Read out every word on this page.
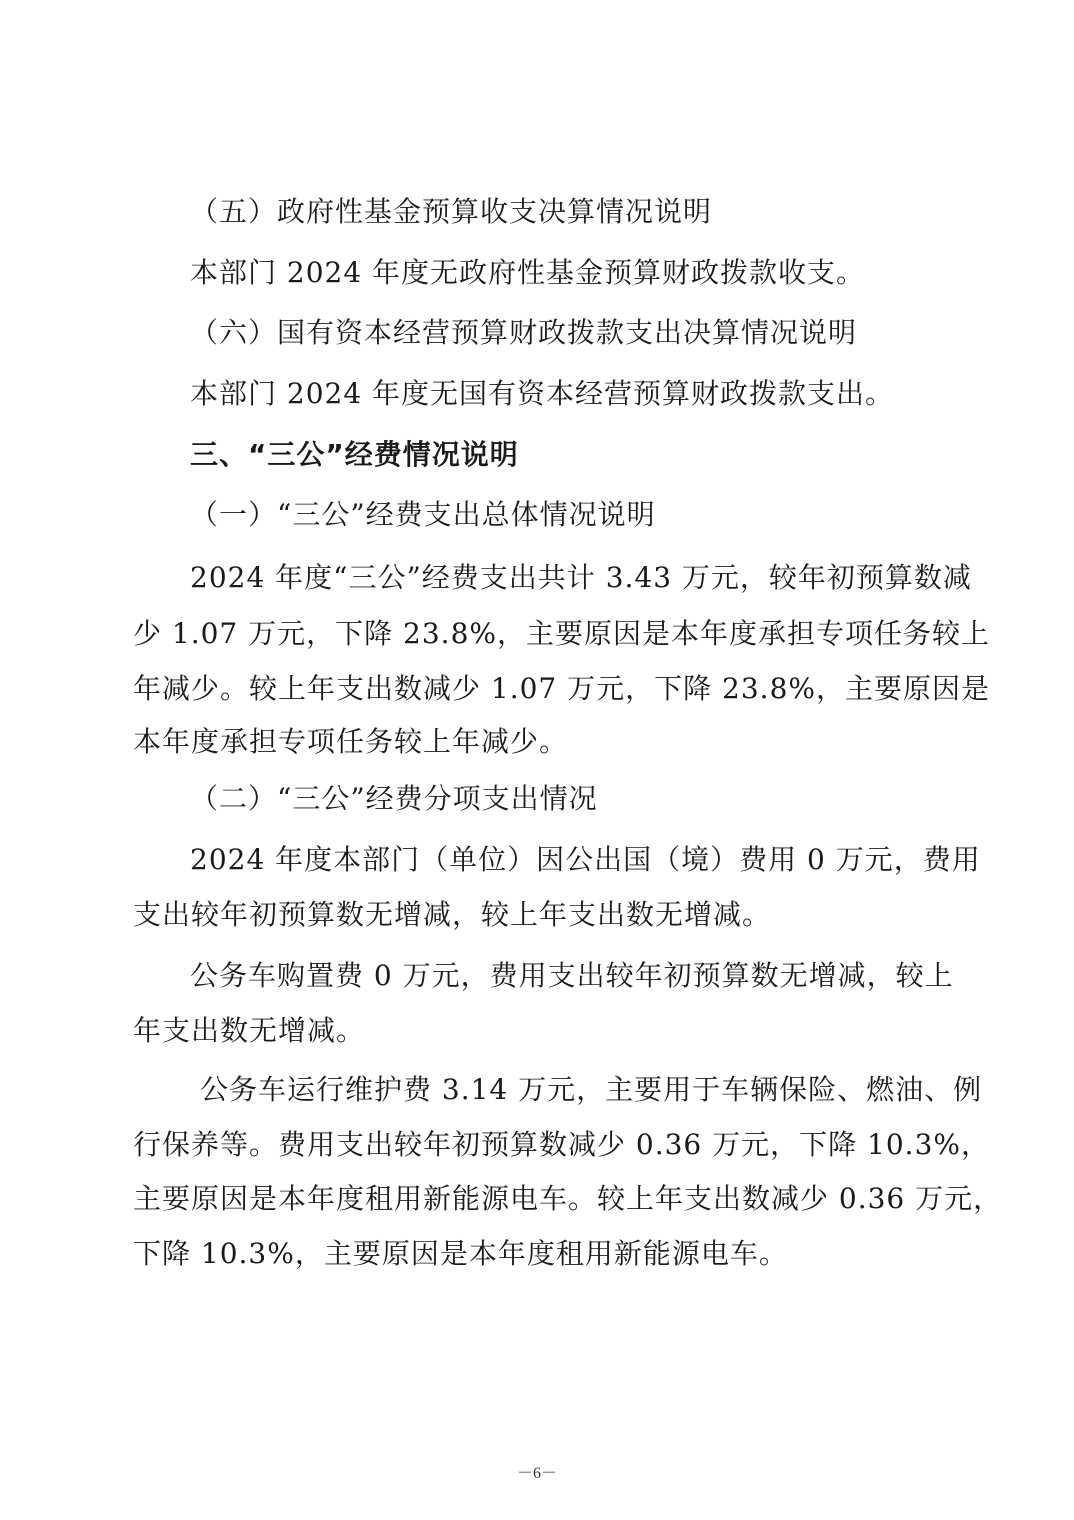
（五）政府性基金预算收支决算情况说明
本部门 2024 年度无政府性基金预算财政拨款收支。
（六）国有资本经营预算财政拨款支出决算情况说明
本部门 2024 年度无国有资本经营预算财政拨款支出。
三、“三公”经费情况说明
（一）“三公”经费支出总体情况说明
2024 年度“三公”经费支出共计 3.43 万元，较年初预算数减
少 1.07 万元，下降 23.8%，主要原因是本年度承担专项任务较上
年减少。较上年支出数减少 1.07 万元，下降 23.8%，主要原因是
本年度承担专项任务较上年减少。
（二）“三公”经费分项支出情况
2024 年度本部门（单位）因公出国（境）费用 0 万元，费用
支出较年初预算数无增减，较上年支出数无增减。
公务车购置费 0 万元，费用支出较年初预算数无增减，较上
年支出数无增减。
公务车运行维护费 3.14 万元，主要用于车辆保险、燃油、例
行保养等。费用支出较年初预算数减少 0.36 万元，下降 10.3%，
主要原因是本年度租用新能源电车。较上年支出数减少 0.36 万元，
下降 10.3%，主要原因是本年度租用新能源电车。
－6－
